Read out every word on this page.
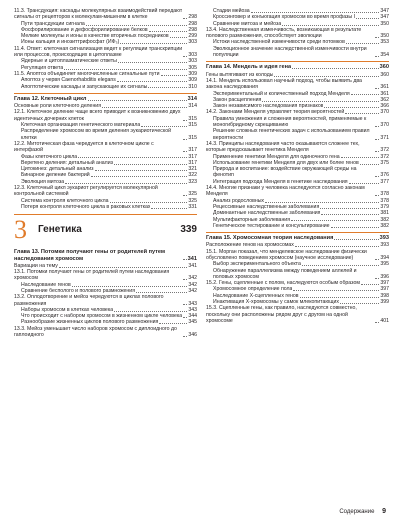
11.3. Трансдукция: каскады молекулярных взаимодействий передают сигналы от рецепторов к молекулам-мишеням в клетке	298
Пути трансдукции сигнала	298
Фосфорилирование и дефосфорилирование белков	298
Мелкие молекулы и ионы в качестве вторичных посредников	299
Ионы кальция и инозиттрифосфат (ИФ₃)	303
11.4. Ответ: клеточная сигнализация ведет к регуляции транскрипции или процессов, происходящих в цитоплазме	303
Ядерные и цитоплазматические ответы	303
Регуляция ответа	305
11.5. Апоптоз объединяет многочисленные сигнальные пути	309
Апоптоз у червя Caenorhabditis elegans	309
Апоптотические каскады и запускающие их сигналы	310
Глава 12. Клеточный цикл	314
Основные роли клеточного деления	314
12.1. Клеточное деление чаще всего приводит к возникновению двух идентичных дочерних клеток	315
Клеточная организация генетического материала	315
Распределение хромосом во время деления эукариотической клетки	315
12.2. Митотическая фаза чередуется в клеточном цикле с интерфазой	317
Фазы клеточного цикла	317
Веретено деления: детальный анализ	317
Цитокинез: детальный анализ	321
Бинарное деление бактерий	322
Эволюция митоза	323
12.3. Клеточный цикл эукариот регулируется молекулярной контрольной системой	325
Система контроля клеточного цикла	325
Потеря контроля клеточного цикла в раковых клетках	331
3 Генетика	339
Глава 13. Потомки получают гены от родителей путем наследования хромосом	341
Вариации на тему	341
13.1. Потомки получают гены от родителей путем наследования хромосом	342
Наследование генов	342
Сравнение бесполого и полового размножения	342
13.2. Оплодотворение и мейоз чередуются в циклах полового размножения	343
Наборы хромосом в клетках человека	343
Что происходит с набором хромосом в жизненном цикле человека 344
Разнообразие жизненных циклов полового размножения	345
13.3. Мейоз уменьшает число наборов хромосом с диплоидного до гаплоидного	346
Стадии мейоза	347
Кроссинговер и конъюгация хромосом во время профазы I	347
Сравнение митоза и мейоза	350
13.4. Наследственная изменчивость, возникающая в результате полового размножения, способствует эволюции	350
Истоки наследственной изменчивости среди потомков	353
Эволюционное значение наследственной изменчивости внутри популяции	354
Глава 14. Мендель и идея гена	360
Гены вытягивают из колоды	360
14.1. Мендель использовал научный подход, чтобы выявить два закона наследования	361
Экспериментальный и количественный подход Менделя	361
Закон расщепления	362
Закон независимого наследования признаков	366
14.2. Законами Менделя управляет теория вероятностей	370
Правила умножения и сложения вероятностей, применяемые к моногибридному скрещиванию	370
Решение сложных генетических задач с использованием правил вероятности	371
14.3. Принципы наследования часто оказываются сложнее тех, которые предсказывает генетика Менделя	372
Применение генетики Менделя для одиночного гена	372
Использование генетики Менделя для двух или более генов	375
Природа и воспитание: воздействие окружающей среды на фенотип	376
Интеграция подхода Менделя в генетике наследования	377
14.4. Многие признаки у человека наследуются согласно законам Менделя	378
Анализ родословных	378
Рецессивные наследственные заболевания	379
Доминантные наследственные заболевания	381
Мультифакторные заболевания	382
Генетическое тестирование и консультирование	382
Глава 15. Хромосомная теория наследования	393
Расположение генов на хромосомах	393
15.1. Морган показал, что менделевское наследование физически обусловлено поведением хромосом (научное исследование)	394
Выбор экспериментального объекта	395
Обнаружение параллелизма между поведением аллелей и половых хромосом	396
15.2. Гены, сцепленные с полом, наследуются особым образом	397
Хромосомное определение пола	397
Наследование X-сцепленных генов	398
Инактивация X-хромосомы у самок млекопитающих	399
15.3. Сцепленные гены, как правило, наследуются совместно, поскольку они расположены рядом друг с другом на одной хромосоме	401
Содержание 9
